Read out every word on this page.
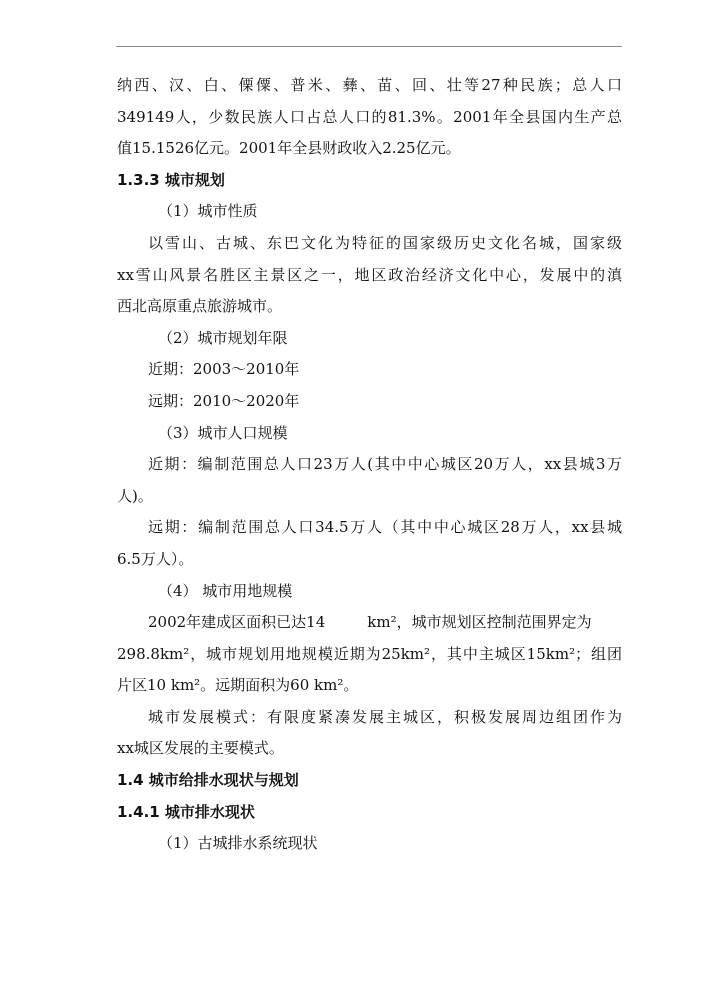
纳西、汉、白、傈僳、普米、彝、苗、回、壮等27种民族；总人口
349149人，少数民族人口占总人口的81.3%。2001年全县国内生产总
值15.1526亿元。2001年全县财政收入2.25亿元。
1.3.3 城市规划
（1）城市性质
以雪山、古城、东巴文化为特征的国家级历史文化名城，国家级
xx雪山风景名胜区主景区之一，地区政治经济文化中心，发展中的滇
西北高原重点旅游城市。
（2）城市规划年限
近期：2003～2010年
远期：2010～2020年
（3）城市人口规模
近期：编制范围总人口23万人(其中中心城区20万人，xx县城3万
人)。
远期：编制范围总人口34.5万人（其中中心城区28万人，xx县城
6.5万人）。
（4） 城市用地规模
2002年建成区面积已达14	km²，城市规划区控制范围界定为
298.8km²，城市规划用地规模近期为25km²，其中主城区15km²；组团
片区10 km²。远期面积为60 km²。
城市发展模式：有限度紧凑发展主城区，积极发展周边组团作为
xx城区发展的主要模式。
1.4 城市给排水现状与规划
1.4.1 城市排水现状
（1）古城排水系统现状
